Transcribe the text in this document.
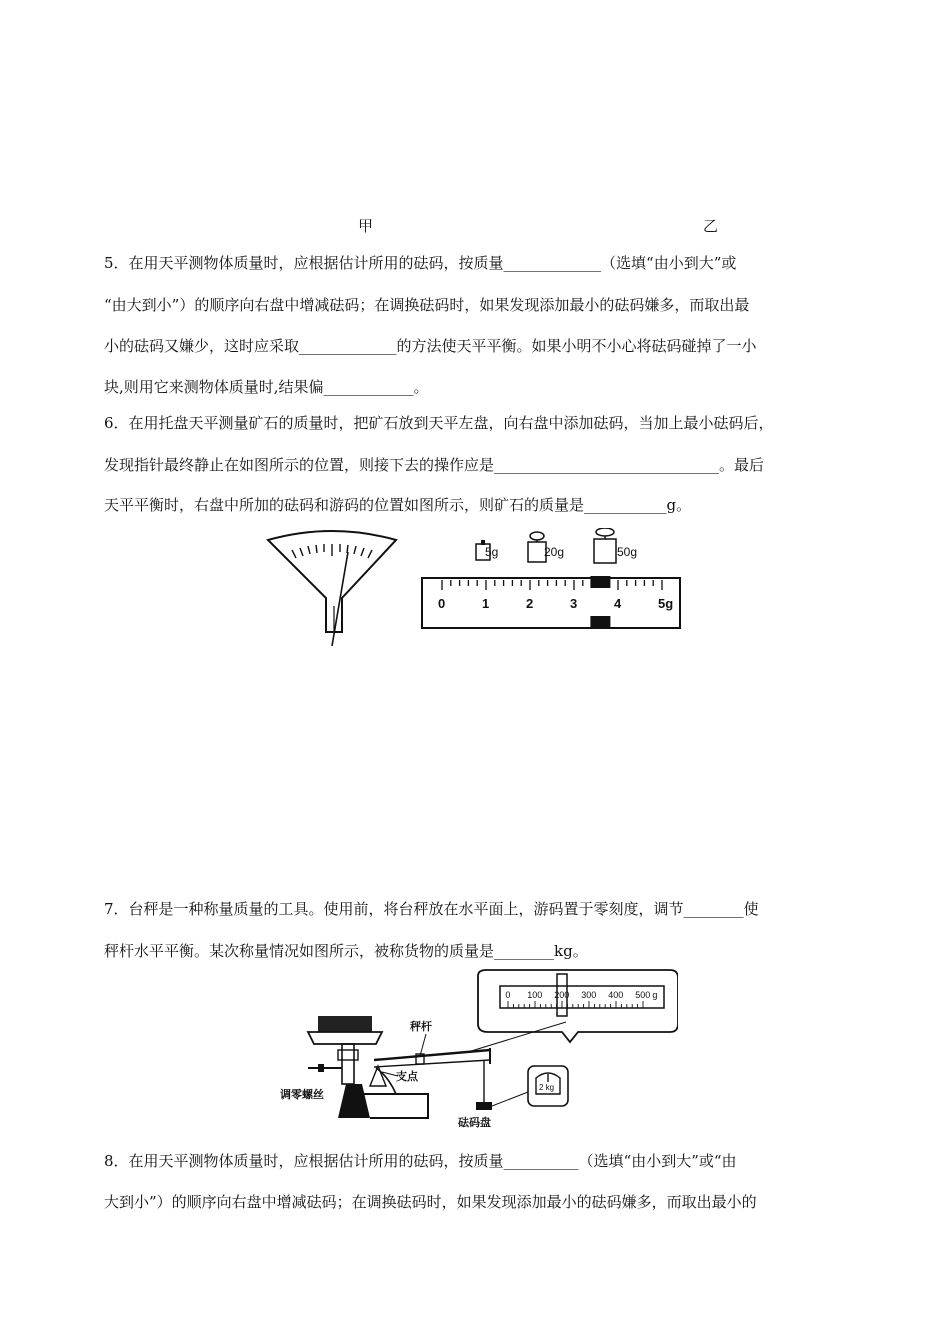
甲	乙
5．在用天平测物体质量时，应根据估计所用的砝码，按质量_____________（选填“由小到大”或
“由大到小”）的顺序向右盘中增减砝码；在调换砝码时，如果发现添加最小的砝码嫌多，而取出最
小的砝码又嫌少，这时应采取_____________的方法使天平平衡。如果小明不小心将砝码碰掉了一小
块,则用它来测物体质量时,结果偏____________。
6．在用托盘天平测量矿石的质量时，把矿石放到天平左盘，向右盘中添加砝码，当加上最小砝码后，
发现指针最终静止在如图所示的位置，则接下去的操作应是______________________________。最后
天平平衡时，右盘中所加的砝码和游码的位置如图所示，则矿石的质量是___________g。
5g	20g	50g
0	1	2	3	4	5g
7．台秤是一种称量质量的工具。使用前，将台秤放在水平面上，游码置于零刻度，调节________使
秤杆水平平衡。某次称量情况如图所示，被称货物的质量是________kg。
0 100 200 300 400 500 g
2 kg
秤杆
支点
调零螺丝
砝码盘
8．在用天平测物体质量时，应根据估计所用的砝码，按质量__________（选填“由小到大”或“由
大到小”）的顺序向右盘中增减砝码；在调换砝码时，如果发现添加最小的砝码嫌多，而取出最小的
